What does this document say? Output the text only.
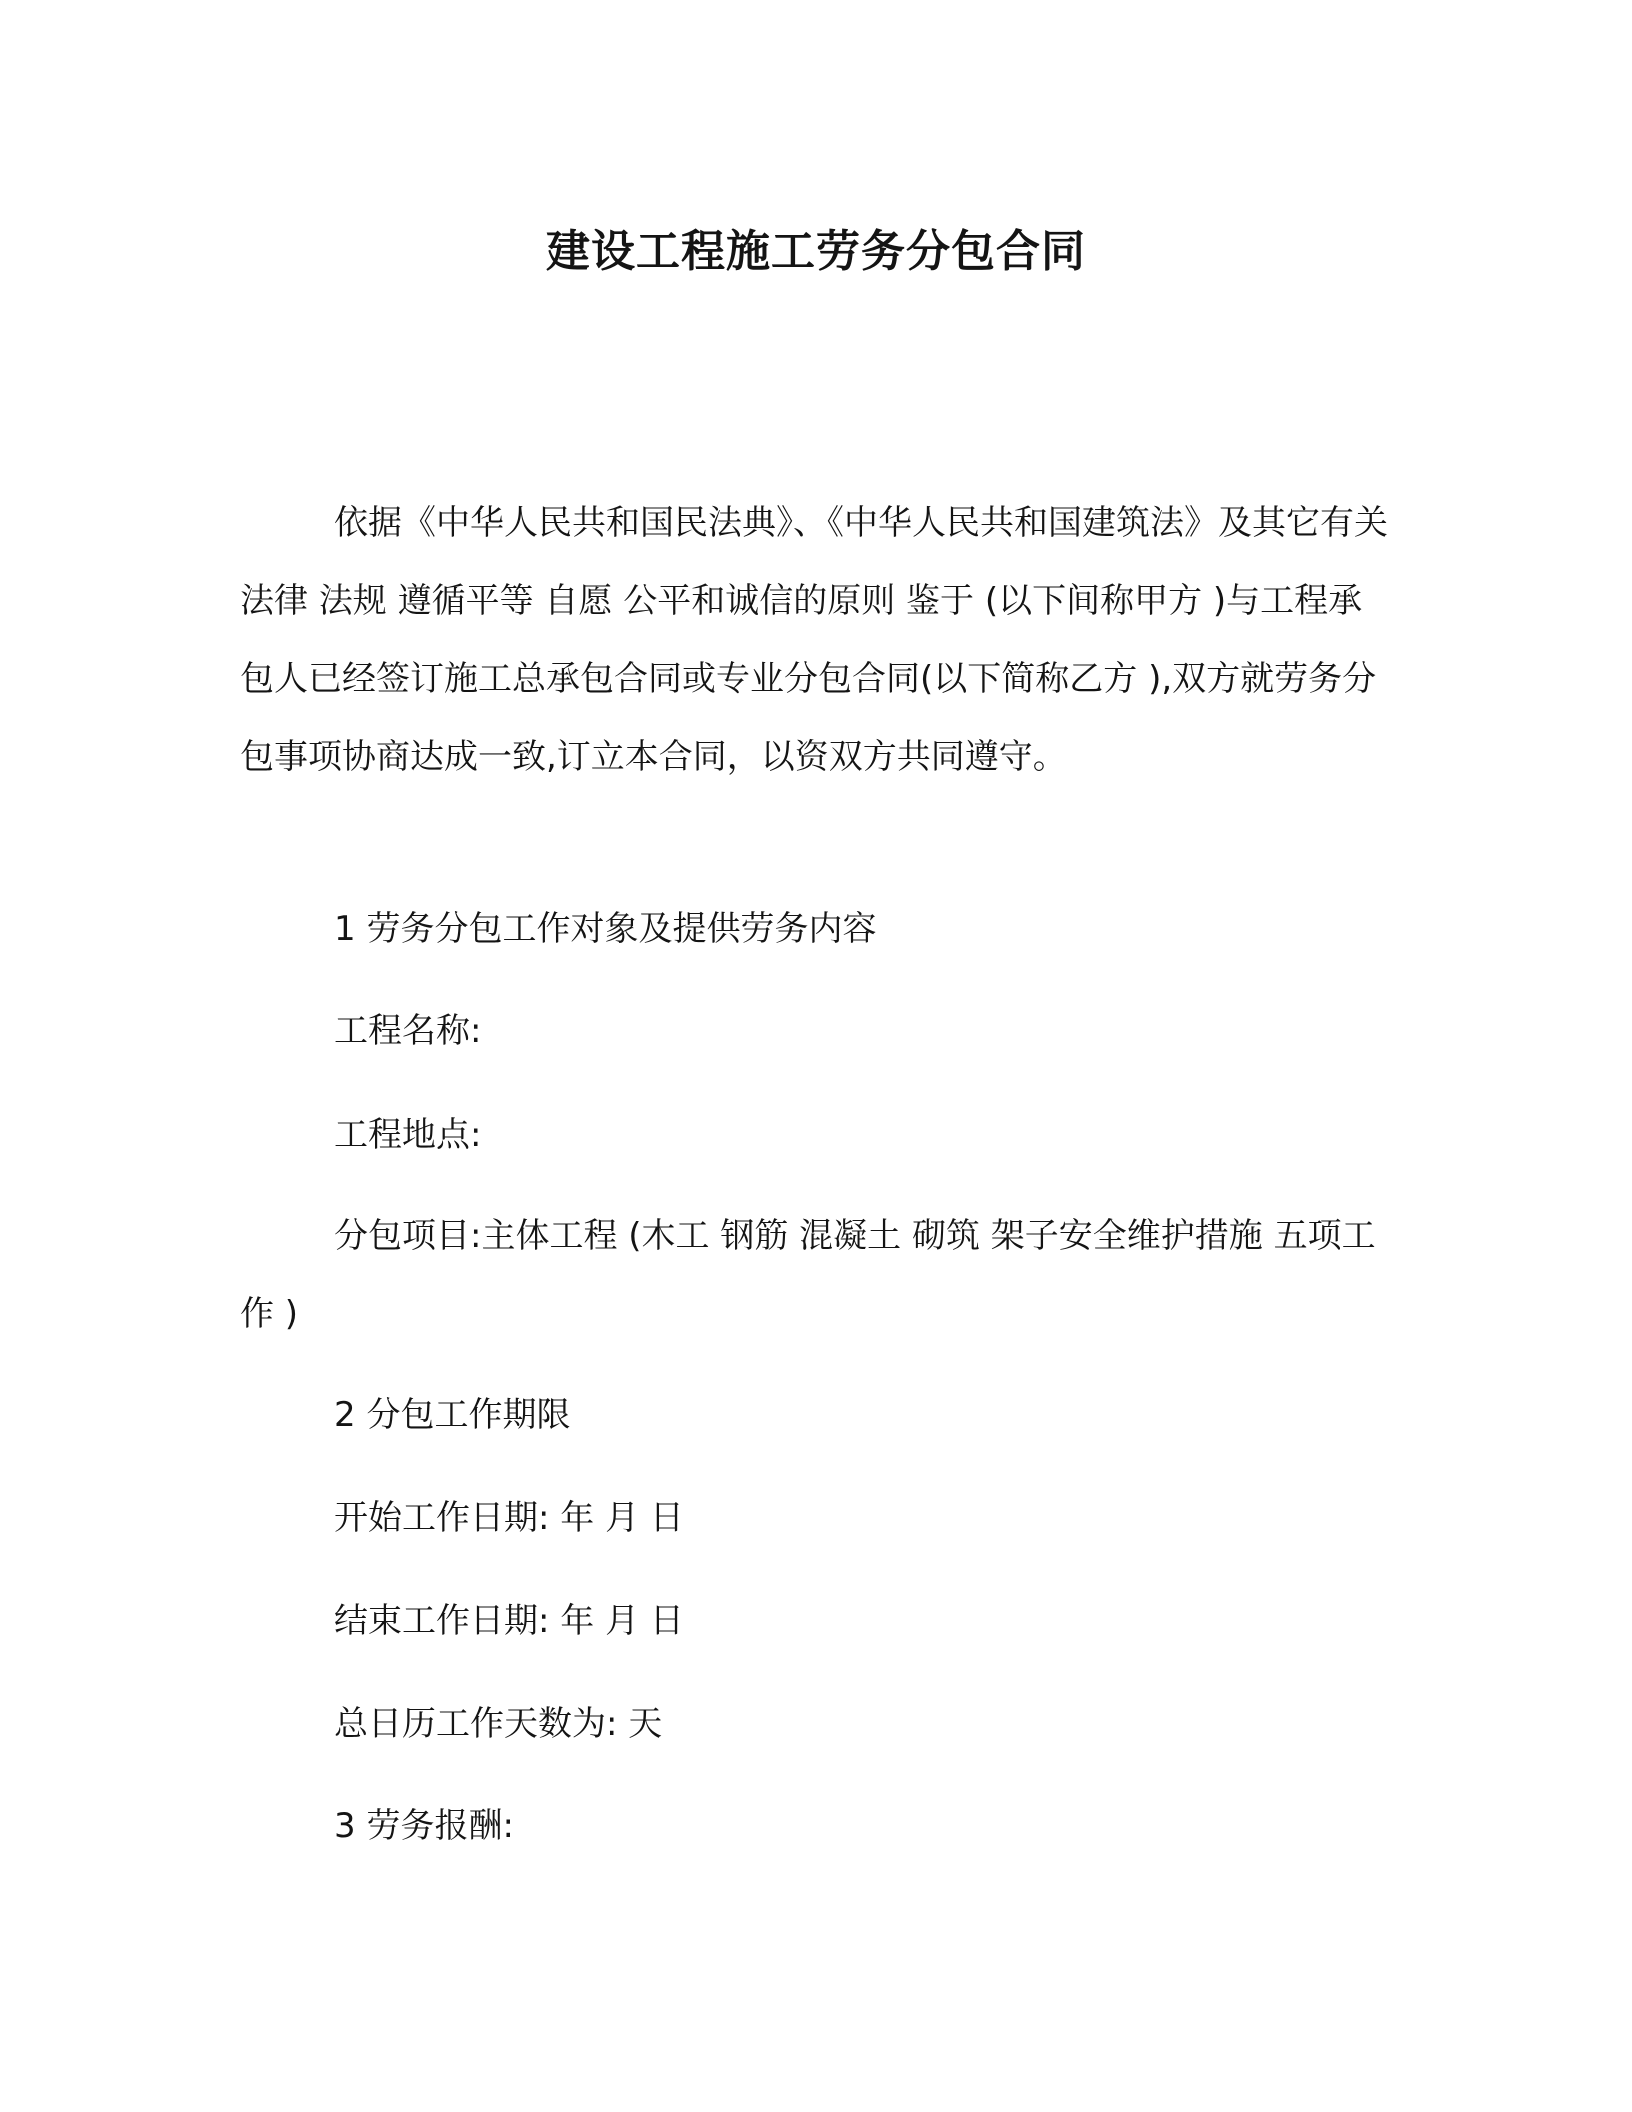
建设工程施工劳务分包合同

依据《中华人民共和国民法典》、《中华人民共和国建筑法》及其它有关法律 法规 遵循平等 自愿 公平和诚信的原则 鉴于 (以下间称甲方 )与工程承包人已经签订施工总承包合同或专业分包合同(以下简称乙方 ),双方就劳务分包事项协商达成一致,订立本合同，以资双方共同遵守。

1 劳务分包工作对象及提供劳务内容

工程名称:

工程地点:

分包项目:主体工程 (木工 钢筋 混凝土 砌筑 架子安全维护措施 五项工作 )

2 分包工作期限

开始工作日期: 年 月 日

结束工作日期: 年 月 日

总日历工作天数为: 天

3 劳务报酬:
